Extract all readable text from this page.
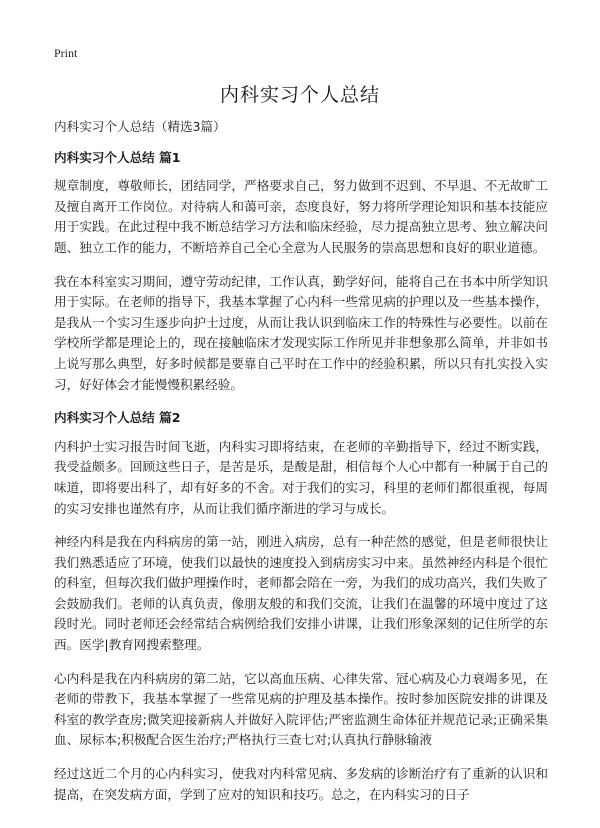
Print
内科实习个人总结

内科实习个人总结（精选3篇）

内科实习个人总结 篇1

规章制度，尊敬师长，团结同学，严格要求自己，努力做到不迟到、不早退、不无故旷工及擅自离开工作岗位。对待病人和蔼可亲，态度良好，努力将所学理论知识和基本技能应用于实践。在此过程中我不断总结学习方法和临床经验，尽力提高独立思考、独立解决问题、独立工作的能力，不断培养自己全心全意为人民服务的崇高思想和良好的职业道德。

我在本科室实习期间，遵守劳动纪律，工作认真，勤学好问，能将自己在书本中所学知识用于实际。在老师的指导下，我基本掌握了心内科一些常见病的护理以及一些基本操作，是我从一个实习生逐步向护士过度，从而让我认识到临床工作的特殊性与必要性。以前在学校所学都是理论上的，现在接触临床才发现实际工作所见并非想象那么简单，并非如书上说写那么典型，好多时候都是要靠自己平时在工作中的经验积累，所以只有扎实投入实习，好好体会才能慢慢积累经验。

内科实习个人总结 篇2

内科护士实习报告时间飞逝，内科实习即将结束，在老师的辛勤指导下，经过不断实践，我受益颇多。回顾这些日子，是苦是乐，是酸是甜，相信每个人心中都有一种属于自己的味道，即将要出科了，却有好多的不舍。对于我们的实习，科里的老师们都很重视，每周的实习安排也谨然有序，从而让我们循序渐进的学习与成长。

神经内科是我在内科病房的第一站，刚进入病房，总有一种茫然的感觉，但是老师很快让我们熟悉适应了环境，使我们以最快的速度投入到病房实习中来。虽然神经内科是个很忙的科室，但每次我们做护理操作时，老师都会陪在一旁，为我们的成功高兴，我们失败了会鼓励我们。老师的认真负责，像朋友般的和我们交流，让我们在温馨的环境中度过了这段时光。同时老师还会经常结合病例给我们安排小讲课，让我们形象深刻的记住所学的东西。医学|教育网搜索整理。

心内科是我在内科病房的第二站，它以高血压病、心律失常、冠心病及心力衰竭多见，在老师的带教下，我基本掌握了一些常见病的护理及基本操作。按时参加医院安排的讲课及科室的教学查房;微笑迎接新病人并做好入院评估;严密监测生命体征并规范记录;正确采集血、尿标本;积极配合医生治疗;严格执行三查七对;认真执行静脉输液

经过这近二个月的心内科实习，使我对内科常见病、多发病的诊断治疗有了重新的认识和提高，在突发病方面，学到了应对的知识和技巧。总之，在内科实习的日子
